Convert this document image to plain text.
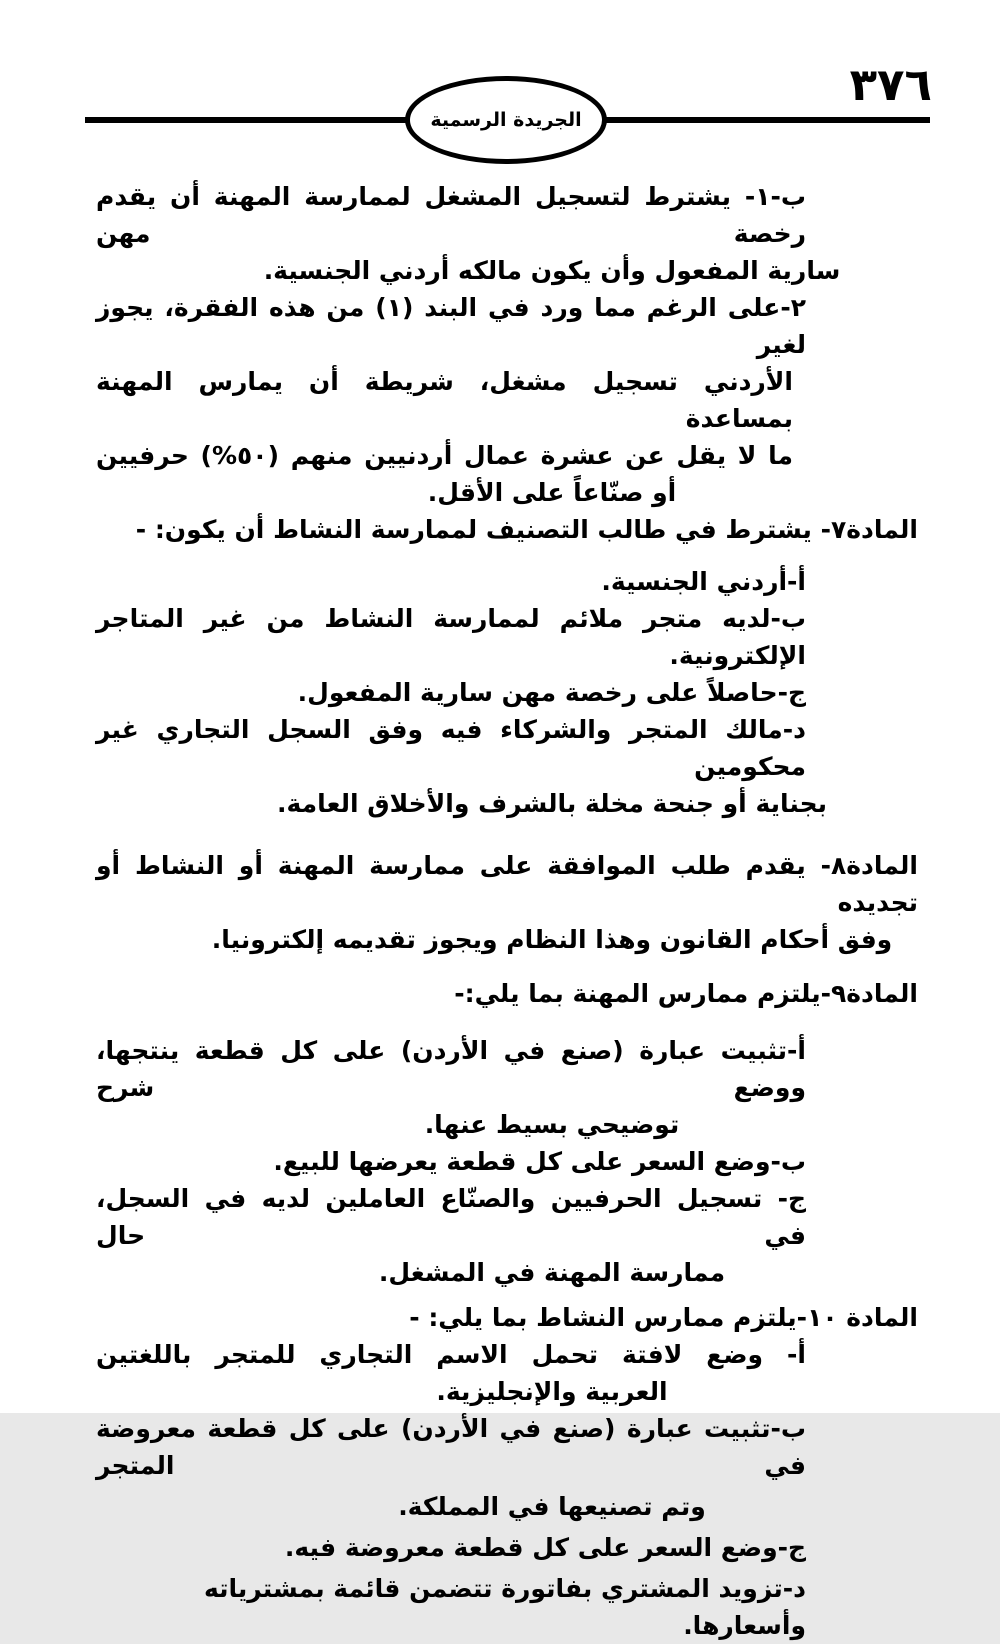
٣٧٦
الجريدة الرسمية

ب-١- يشترط لتسجيل المشغل لممارسة المهنة أن يقدم رخصة مهن

سارية المفعول وأن يكون مالكه أردني الجنسية.

٢-على الرغم مما ورد في البند (١) من هذه الفقرة، يجوز لغير

الأردني تسجيل مشغل، شريطة أن يمارس المهنة بمساعدة

ما لا يقل عن عشرة عمال أردنيين منهم (٥٠%) حرفيين

أو صنّاعاً على الأقل.

المادة٧- يشترط في طالب التصنيف لممارسة النشاط أن يكون: -

أ-أردني الجنسية.

ب-لديه متجر ملائم لممارسة النشاط من غير المتاجر الإلكترونية.

ج-حاصلاً على رخصة مهن سارية المفعول.

د-مالك المتجر والشركاء فيه وفق السجل التجاري غير محكومين

بجناية أو جنحة مخلة بالشرف والأخلاق العامة.

المادة٨- يقدم طلب الموافقة على ممارسة المهنة أو النشاط أو تجديده

وفق أحكام القانون وهذا النظام ويجوز تقديمه إلكترونيا.

المادة٩-يلتزم ممارس المهنة بما يلي:-

أ-تثبيت عبارة (صنع في الأردن) على كل قطعة ينتجها، ووضع شرح

توضيحي بسيط عنها.

ب-وضع السعر على كل قطعة يعرضها للبيع.

ج- تسجيل الحرفيين والصنّاع العاملين لديه في السجل، في حال

ممارسة المهنة في المشغل.

المادة ١٠-يلتزم ممارس النشاط بما يلي: -

أ- وضع لافتة تحمل الاسم التجاري للمتجر باللغتين

العربية والإنجليزية.

ب-تثبيت عبارة (صنع في الأردن) على كل قطعة معروضة في المتجر

وتم تصنيعها في المملكة.

ج-وضع السعر على كل قطعة معروضة فيه.

د-تزويد المشتري بفاتورة تتضمن قائمة بمشترياته وأسعارها.
